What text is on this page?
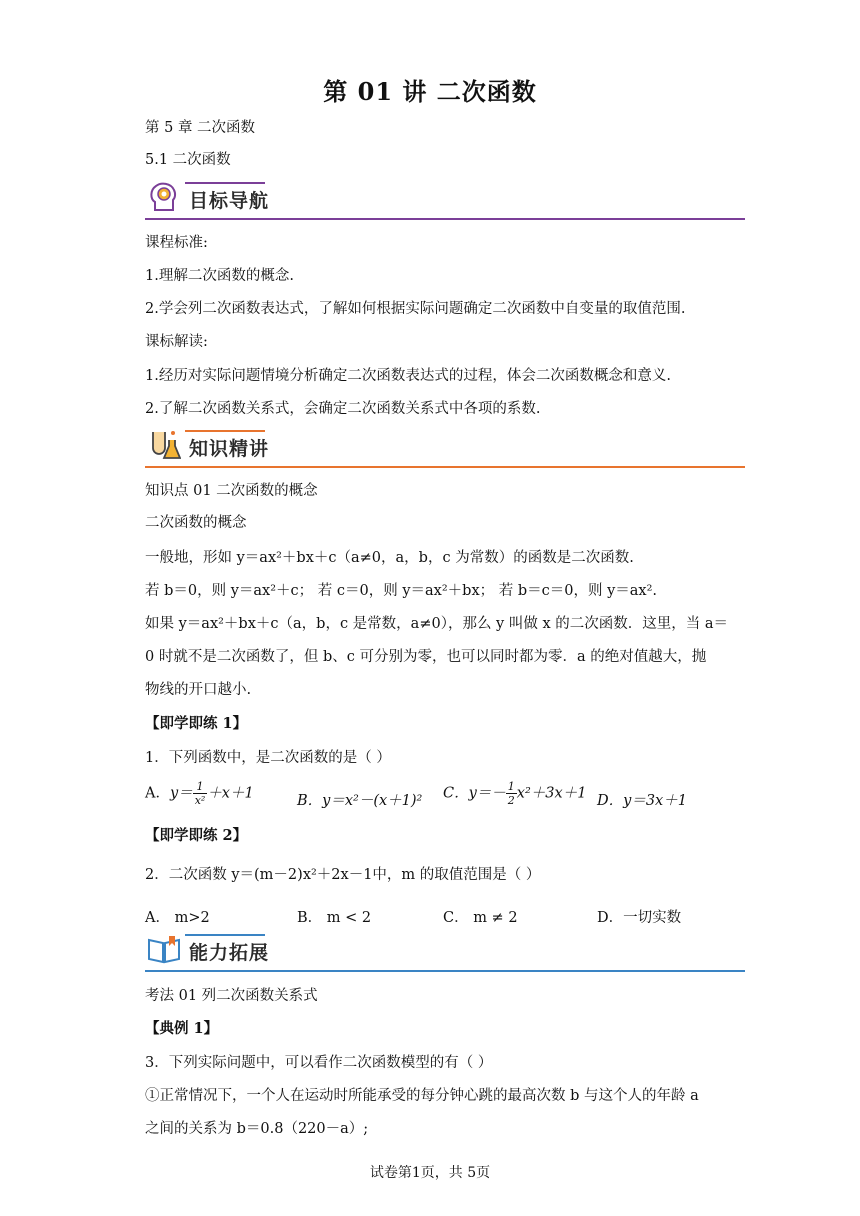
第 01 讲 二次函数
第 5 章 二次函数
5.1 二次函数
目标导航
课程标准:
1.理解二次函数的概念.
2.学会列二次函数表达式，了解如何根据实际问题确定二次函数中自变量的取值范围.
课标解读:
1.经历对实际问题情境分析确定二次函数表达式的过程，体会二次函数概念和意义.
2.了解二次函数关系式，会确定二次函数关系式中各项的系数.
知识精讲
知识点 01 二次函数的概念
二次函数的概念
一般地，形如 y＝ax²＋bx＋c（a≠0，a，b，c 为常数）的函数是二次函数.
若 b＝0，则 y＝ax²＋c； 若 c＝0，则 y＝ax²＋bx； 若 b＝c＝0，则 y＝ax².
如果 y＝ax²＋bx＋c（a，b，c 是常数，a≠0），那么 y 叫做 x 的二次函数．这里，当 a＝
0 时就不是二次函数了，但 b、c 可分别为零，也可以同时都为零．a 的绝对值越大，抛
物线的开口越小.
【即学即练 1】
1．下列函数中，是二次函数的是（ ）
A．$y= \frac{1}{\text{x²}} +x+1$	B．y＝x²－(x＋1)² C．$y=- \frac{1}{2} x^2+3x+1$ D．y＝3x＋1
【即学即练 2】
2．二次函数 y＝(m－2)x²＋2x－1中，m 的取值范围是（ ）
A． m>2	B． m < 2	C． m ≠ 2	D．一切实数
能力拓展
考法 01 列二次函数关系式
【典例 1】
3．下列实际问题中，可以看作二次函数模型的有（ ）
①正常情况下，一个人在运动时所能承受的每分钟心跳的最高次数 b 与这个人的年龄 a
之间的关系为 b＝0.8（220－a）;
试卷第1页，共 5页
